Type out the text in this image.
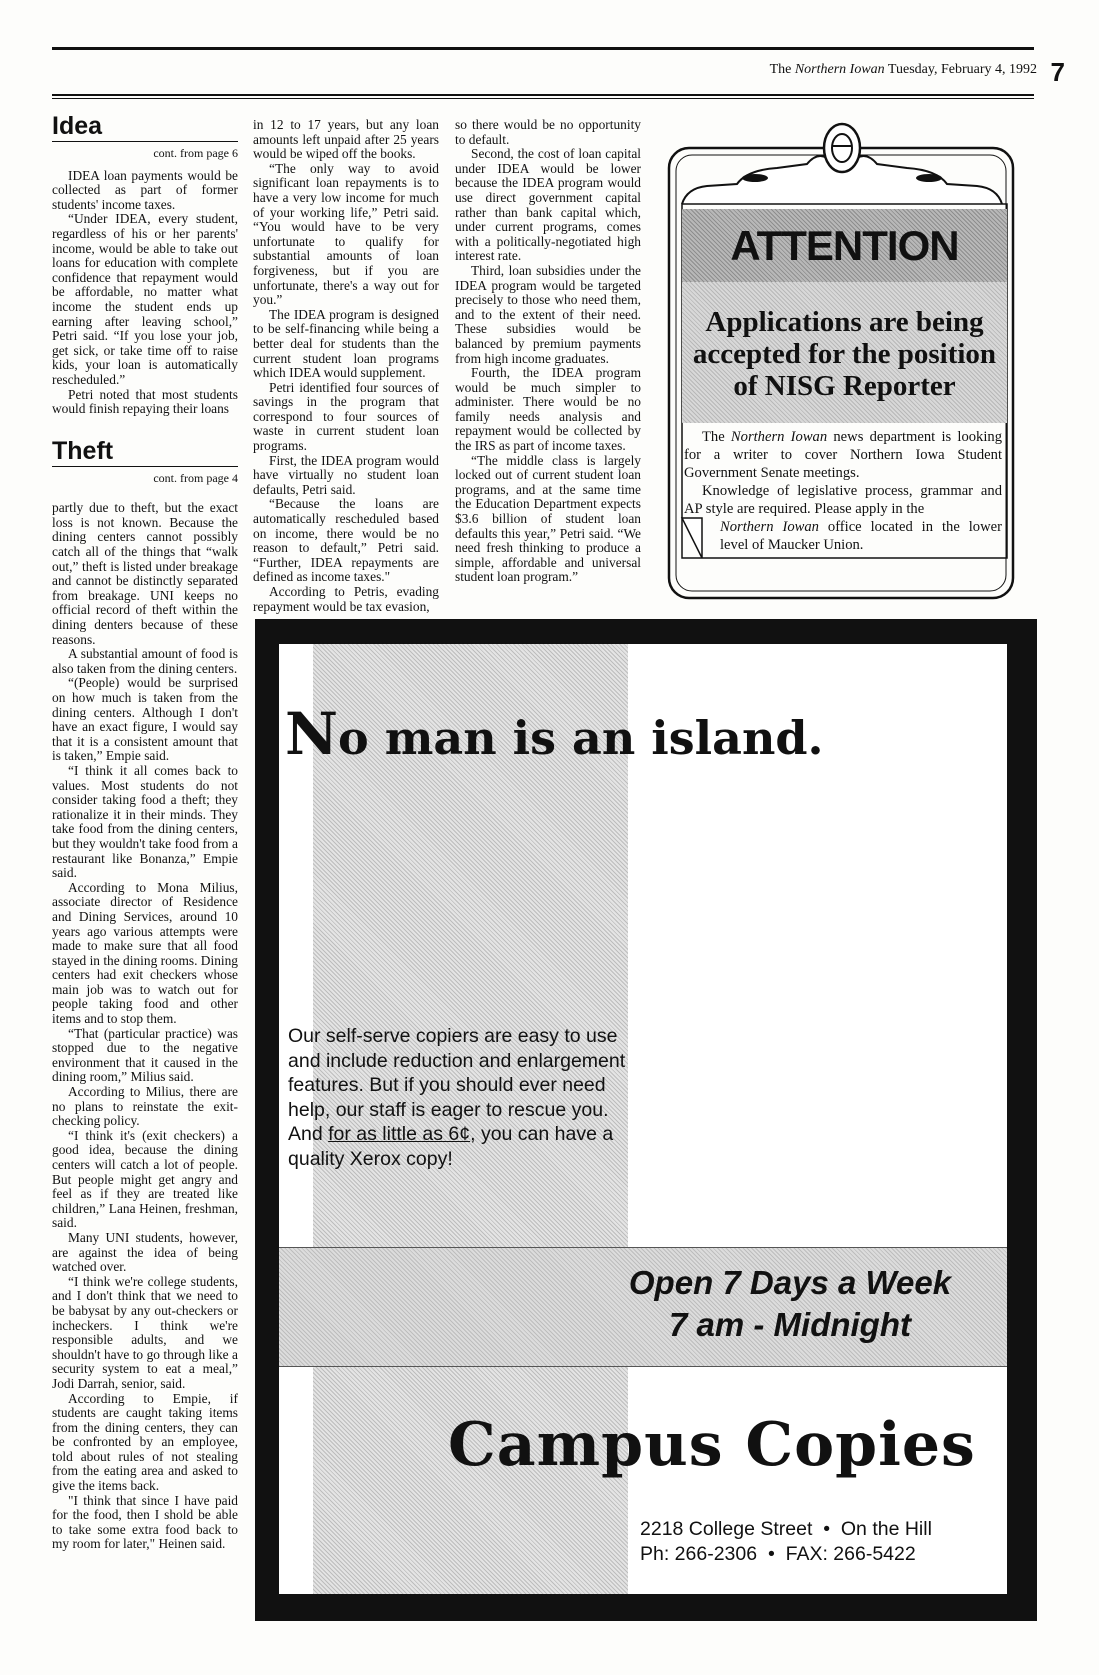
The Northern Iowan Tuesday, February 4, 1992 7
Idea
cont. from page 6

IDEA loan payments would be collected as part of former students' income taxes.

“Under IDEA, every student, regardless of his or her parents' income, would be able to take out loans for education with complete confidence that repayment would be affordable, no matter what income the student ends up earning after leaving school,” Petri said. “If you lose your job, get sick, or take time off to raise kids, your loan is automatically rescheduled.”

Petri noted that most students would finish repaying their loans

Theft
cont. from page 4

partly due to theft, but the exact loss is not known. Because the dining centers cannot possibly catch all of the things that “walk out,” theft is listed under breakage and cannot be distinctly separated from breakage. UNI keeps no official record of theft within the dining denters because of these reasons.

A substantial amount of food is also taken from the dining centers.

“(People) would be surprised on how much is taken from the dining centers. Although I don't have an exact figure, I would say that it is a consistent amount that is taken,” Empie said.

“I think it all comes back to values. Most students do not consider taking food a theft; they rationalize it in their minds. They take food from the dining centers, but they wouldn't take food from a restaurant like Bonanza,” Empie said.

According to Mona Milius, associate director of Residence and Dining Services, around 10 years ago various attempts were made to make sure that all food stayed in the dining rooms. Dining centers had exit checkers whose main job was to watch out for people taking food and other items and to stop them.

“That (particular practice) was stopped due to the negative environment that it caused in the dining room,” Milius said.

According to Milius, there are no plans to reinstate the exit-checking policy.

“I think it's (exit checkers) a good idea, because the dining centers will catch a lot of people. But people might get angry and feel as if they are treated like children,” Lana Heinen, freshman, said.

Many UNI students, however, are against the idea of being watched over.

“I think we're college students, and I don't think that we need to be babysat by any out-checkers or incheckers. I think we're responsible adults, and we shouldn't have to go through like a security system to eat a meal,” Jodi Darrah, senior, said.

According to Empie, if students are caught taking items from the dining centers, they can be confronted by an employee, told about rules of not stealing from the eating area and asked to give the items back.

"I think that since I have paid for the food, then I shold be able to take some extra food back to my room for later," Heinen said.

in 12 to 17 years, but any loan amounts left unpaid after 25 years would be wiped off the books.

“The only way to avoid significant loan repayments is to have a very low income for much of your working life,” Petri said. “You would have to be very unfortunate to qualify for substantial amounts of loan forgiveness, but if you are unfortunate, there's a way out for you.”

The IDEA program is designed to be self-financing while being a better deal for students than the current student loan programs which IDEA would supplement.

Petri identified four sources of savings in the program that correspond to four sources of waste in current student loan programs.

First, the IDEA program would have virtually no student loan defaults, Petri said.

“Because the loans are automatically rescheduled based on income, there would be no reason to default,” Petri said. “Further, IDEA repayments are defined as income taxes."

According to Petris, evading repayment would be tax evasion,

so there would be no opportunity to default.

Second, the cost of loan capital under IDEA would be lower because the IDEA program would use direct government capital rather than bank capital which, under current programs, comes with a politically-negotiated high interest rate.

Third, loan subsidies under the IDEA program would be targeted precisely to those who need them, and to the extent of their need. These subsidies would be balanced by premium payments from high income graduates.

Fourth, the IDEA program would be much simpler to administer. There would be no family needs analysis and repayment would be collected by the IRS as part of income taxes.

“The middle class is largely locked out of current student loan programs, and at the same time the Education Department expects $3.6 billion of student loan defaults this year,” Petri said. “We need fresh thinking to produce a simple, affordable and universal student loan program.”

ATTENTION
Applications are being
accepted for the position
of NISG Reporter

The Northern Iowan news department is looking for a writer to cover Northern Iowa Student Government Senate meetings.

Knowledge of legislative process, grammar and AP style are required. Please apply in the

Northern Iowan office located in the lower level of Maucker Union.

No man is an island.
Our self-serve copiers are easy to use
and include reduction and enlargement
features. But if you should ever need
help, our staff is eager to rescue you.
And for as little as 6¢, you can have a
quality Xerox copy!
Open 7 Days a Week
7 am - Midnight
Campus Copies
2218 College Street • On the Hill
Ph: 266-2306 • FAX: 266-5422
